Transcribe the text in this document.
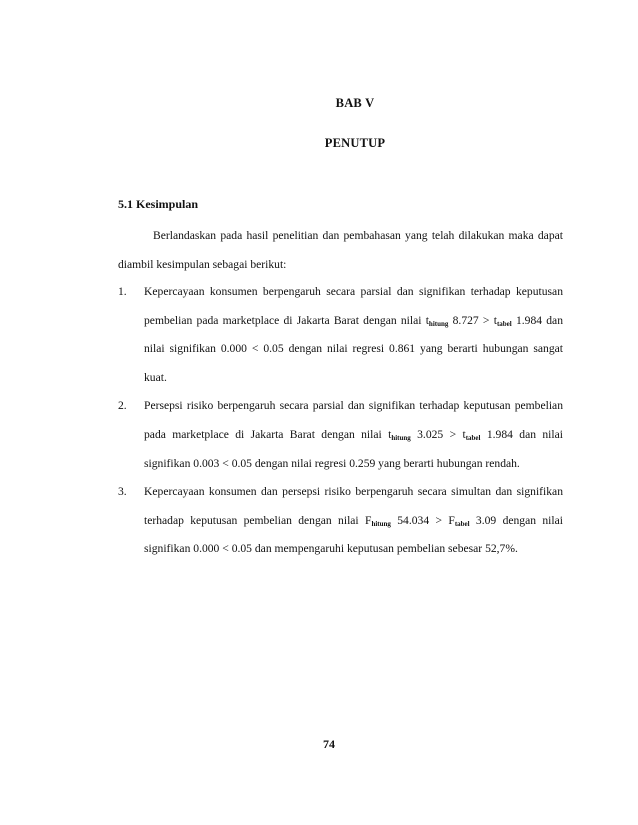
BAB V
PENUTUP
5.1 Kesimpulan
Berlandaskan pada hasil penelitian dan pembahasan yang telah dilakukan maka dapat diambil kesimpulan sebagai berikut:
1. Kepercayaan konsumen berpengaruh secara parsial dan signifikan terhadap keputusan pembelian pada marketplace di Jakarta Barat dengan nilai $t_{hitung}$ $8.727 > t_{tabel}$ 1.984 dan nilai signifikan 0.000 < 0.05 dengan nilai regresi 0.861 yang berarti hubungan sangat kuat.
2. Persepsi risiko berpengaruh secara parsial dan signifikan terhadap keputusan pembelian pada marketplace di Jakarta Barat dengan nilai $t_{hitung}$ $3.025 > t_{tabel}$ 1.984 dan nilai signifikan 0.003 < 0.05 dengan nilai regresi 0.259 yang berarti hubungan rendah.
3. Kepercayaan konsumen dan persepsi risiko berpengaruh secara simultan dan signifikan terhadap keputusan pembelian dengan nilai $F_{hitung}$ $54.034 > F_{tabel}$ 3.09 dengan nilai signifikan 0.000 < 0.05 dan mempengaruhi keputusan pembelian sebesar 52,7%.
74
